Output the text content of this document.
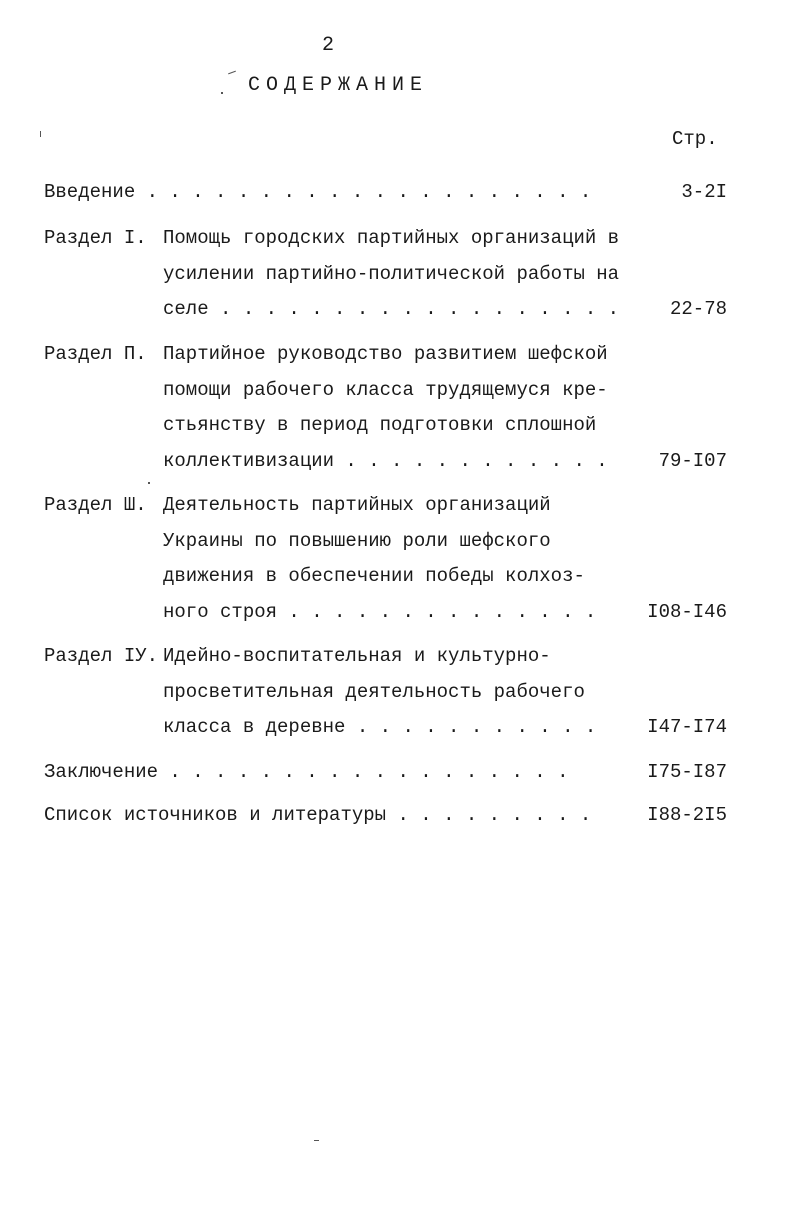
2
СОДЕРЖАНИЕ
Стр.
Введение . . . . . . . . . . . . . . . . . . . .	3-2I
Раздел I. Помощь городских партийных организаций в
усилении партийно-политической работы на
селе . . . . . . . . . . . . . . . . . .	22-78
Раздел П. Партийное руководство развитием шефской
помощи рабочего класса трудящемуся кре-
стьянству в период подготовки сплошной
коллективизации . . . . . . . . . . . .	79-I07
Раздел Ш. Деятельность партийных организаций
Украины по повышению роли шефского
движения в обеспечении победы колхоз-
ного строя . . . . . . . . . . . . . .	I08-I46
Раздел IУ. Идейно-воспитательная и культурно-
просветительная деятельность рабочего
класса в деревне . . . . . . . . . . .	I47-I74
Заключение . . . . . . . . . . . . . . . . . .	I75-I87
Список источников и литературы . . . . . . . . .	I88-2I5
